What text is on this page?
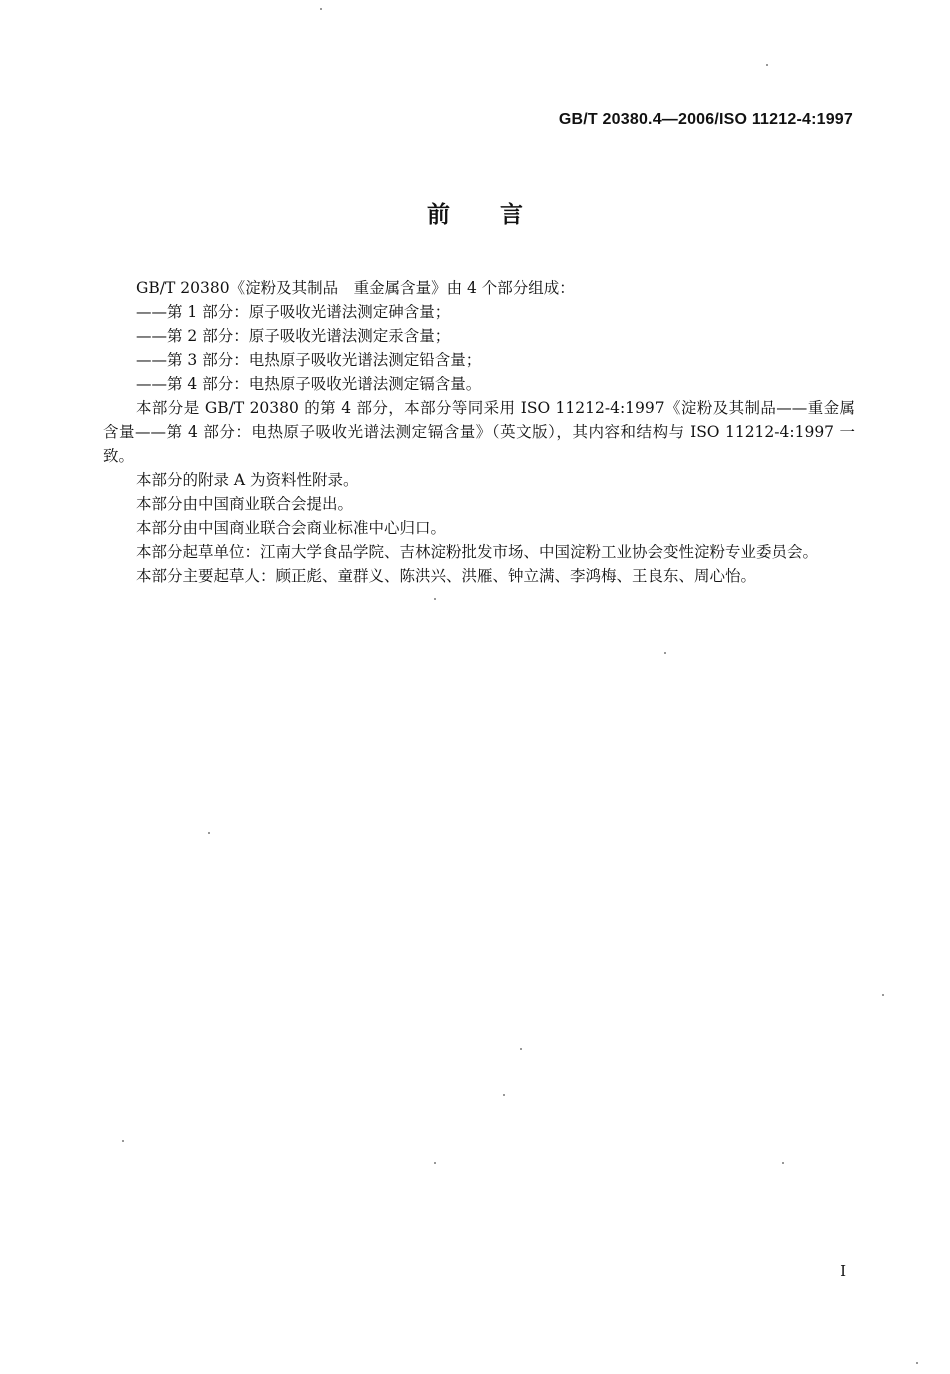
GB/T 20380.4—2006/ISO 11212-4:1997
前言

GB/T 20380《淀粉及其制品　重金属含量》由 4 个部分组成：

——第 1 部分：原子吸收光谱法测定砷含量；

——第 2 部分：原子吸收光谱法测定汞含量；

——第 3 部分：电热原子吸收光谱法测定铅含量；

——第 4 部分：电热原子吸收光谱法测定镉含量。

本部分是 GB/T 20380 的第 4 部分，本部分等同采用 ISO 11212-4:1997《淀粉及其制品——重金属含量——第 4 部分：电热原子吸收光谱法测定镉含量》（英文版），其内容和结构与 ISO 11212-4:1997 一致。

本部分的附录 A 为资料性附录。

本部分由中国商业联合会提出。

本部分由中国商业联合会商业标准中心归口。

本部分起草单位：江南大学食品学院、吉林淀粉批发市场、中国淀粉工业协会变性淀粉专业委员会。

本部分主要起草人：顾正彪、童群义、陈洪兴、洪雁、钟立满、李鸿梅、王良东、周心怡。

I
